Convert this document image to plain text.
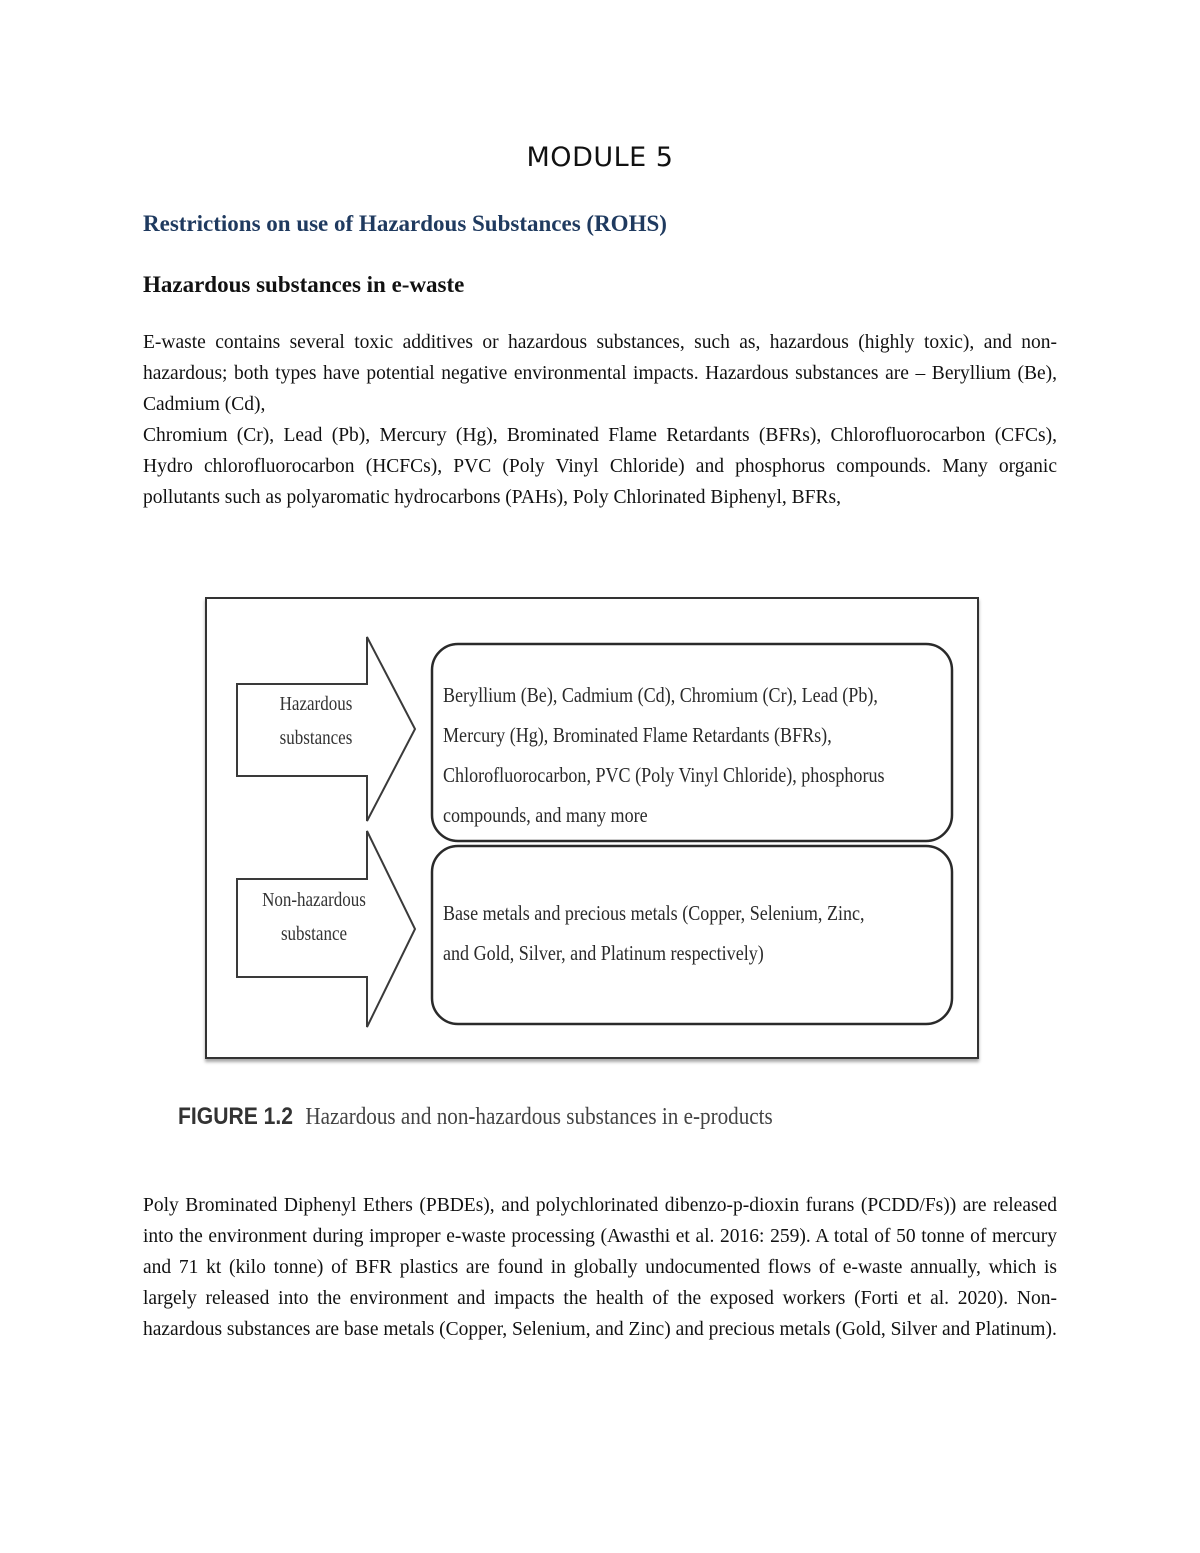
MODULE 5
Restrictions on use of Hazardous Substances (ROHS)
Hazardous substances in e-waste

E-waste contains several toxic additives or hazardous substances, such as, hazardous (highly toxic), and non-hazardous; both types have potential negative environmental impacts. Hazardous substances are – Beryllium (Be), Cadmium (Cd),

Chromium (Cr), Lead (Pb), Mercury (Hg), Brominated Flame Retardants (BFRs), Chlorofluorocarbon (CFCs), Hydro chlorofluorocarbon (HCFCs), PVC (Poly Vinyl Chloride) and phosphorus compounds. Many organic pollutants such as polyaromatic hydrocarbons (PAHs), Poly Chlorinated Biphenyl, BFRs,

Hazardous
substances
Non-hazardous
substance
Beryllium (Be), Cadmium (Cd), Chromium (Cr), Lead (Pb),
Mercury (Hg), Brominated Flame Retardants (BFRs),
Chlorofluorocarbon, PVC (Poly Vinyl Chloride), phosphorus
compounds, and many more
Base metals and precious metals (Copper, Selenium, Zinc,
and Gold, Silver, and Platinum respectively)
FIGURE 1.2 Hazardous and non-hazardous substances in e-products

Poly Brominated Diphenyl Ethers (PBDEs), and polychlorinated dibenzo-p-dioxin furans (PCDD/Fs)) are released into the environment during improper e-waste processing (Awasthi et al. 2016: 259). A total of 50 tonne of mercury and 71 kt (kilo tonne) of BFR plastics are found in globally undocumented flows of e-waste annually, which is largely released into the environment and impacts the health of the exposed workers (Forti et al. 2020). Non-hazardous substances are base metals (Copper, Selenium, and Zinc) and precious metals (Gold, Silver and Platinum).
